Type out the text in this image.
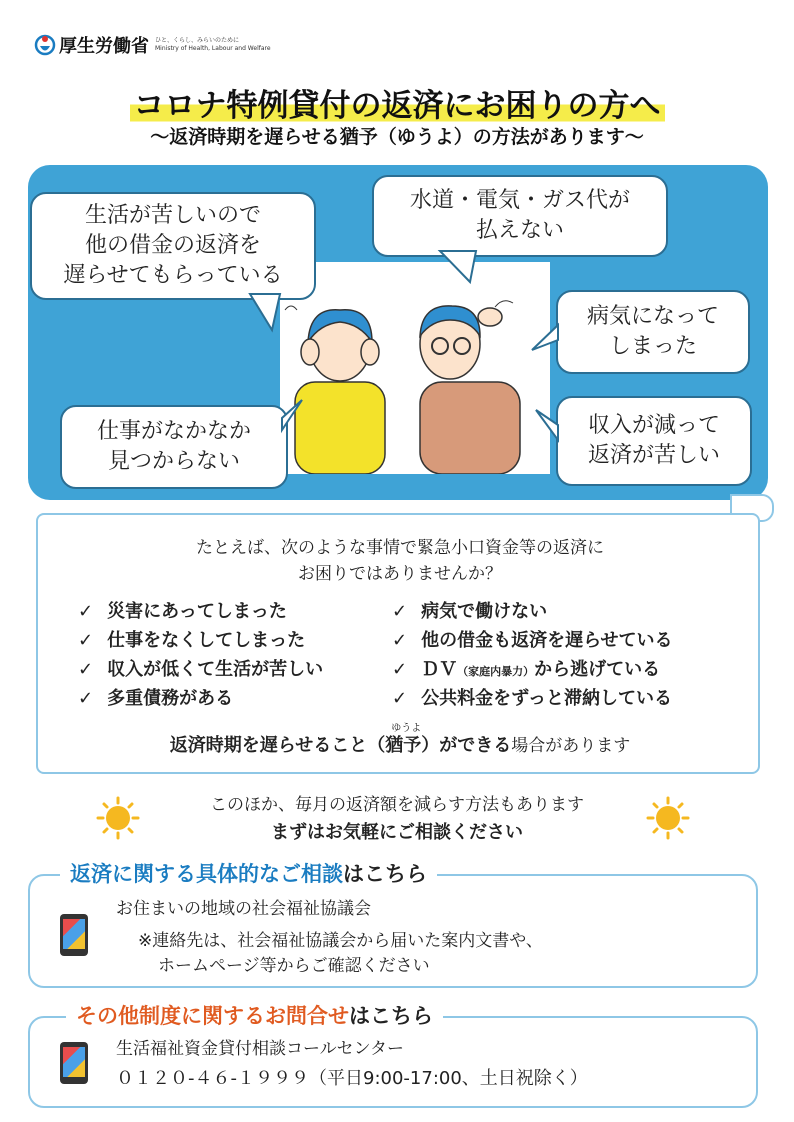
厚生労働省 ひと、くらし、みらいのために
Ministry of Health, Labour and Welfare
コロナ特例貸付の返済にお困りの方へ
～返済時期を遅らせる猶予（ゆうよ）の方法があります～
生活が苦しいので
他の借金の返済を
遅らせてもらっている
水道・電気・ガス代が
払えない
病気になって
しまった
仕事がなかなか
見つからない
収入が減って
返済が苦しい
たとえば、次のような事情で緊急小口資金等の返済に
お困りではありませんか？
✓ 災害にあってしまった
✓ 仕事をなくしてしまった
✓ 収入が低くて生活が苦しい
✓ 多重債務がある
✓ 病気で働けない
✓ 他の借金も返済を遅らせている
✓ ＤＶ（家庭内暴力）から逃げている
✓ 公共料金をずっと滞納している
返済時期を遅らせること（
ゆうよ
猶予）ができる場合があります
このほか、毎月の返済額を減らす方法もあります
まずはお気軽にご相談ください
返済に関する具体的なご相談はこちら
お住まいの地域の社会福祉協議会
※連絡先は、社会福祉協議会から届いた案内文書や、
ホームページ等からご確認ください
その他制度に関するお問合せはこちら
生活福祉資金貸付相談コールセンター
０１２０-４６-１９９９（平日9:00-17:00、土日祝除く）
